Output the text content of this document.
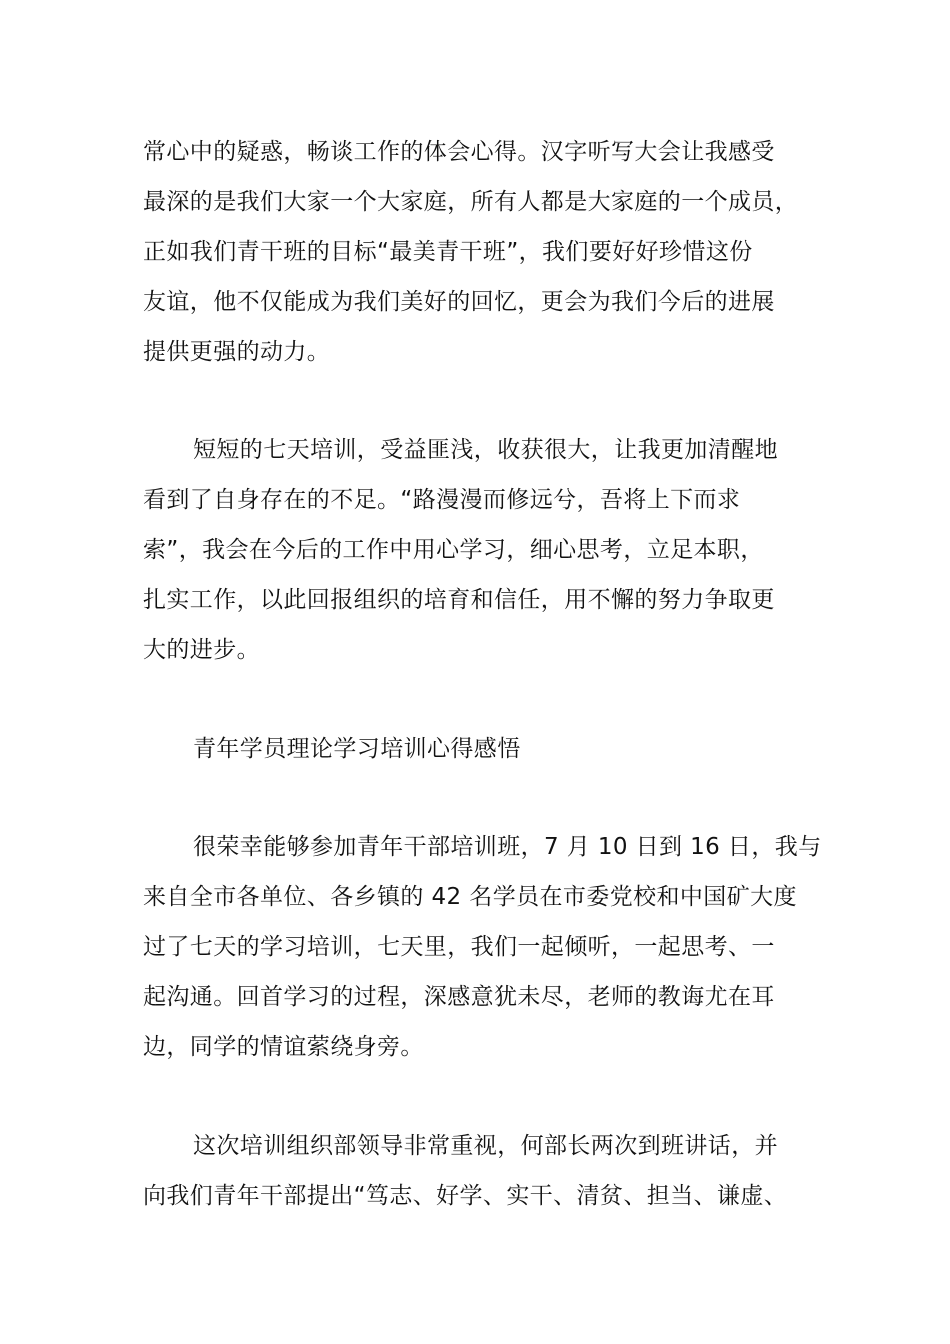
常心中的疑惑，畅谈工作的体会心得。汉字听写大会让我感受
最深的是我们大家一个大家庭，所有人都是大家庭的一个成员，
正如我们青干班的目标“最美青干班”，我们要好好珍惜这份
友谊，他不仅能成为我们美好的回忆，更会为我们今后的进展
提供更强的动力。
短短的七天培训，受益匪浅，收获很大，让我更加清醒地
看到了自身存在的不足。“路漫漫而修远兮，吾将上下而求
索”，我会在今后的工作中用心学习，细心思考，立足本职，
扎实工作，以此回报组织的培育和信任，用不懈的努力争取更
大的进步。
青年学员理论学习培训心得感悟
很荣幸能够参加青年干部培训班，7 月 10 日到 16 日，我与
来自全市各单位、各乡镇的 42 名学员在市委党校和中国矿大度
过了七天的学习培训，七天里，我们一起倾听，一起思考、一
起沟通。回首学习的过程，深感意犹未尽，老师的教诲尤在耳
边，同学的情谊萦绕身旁。
这次培训组织部领导非常重视，何部长两次到班讲话，并
向我们青年干部提出“笃志、好学、实干、清贫、担当、谦虚、
